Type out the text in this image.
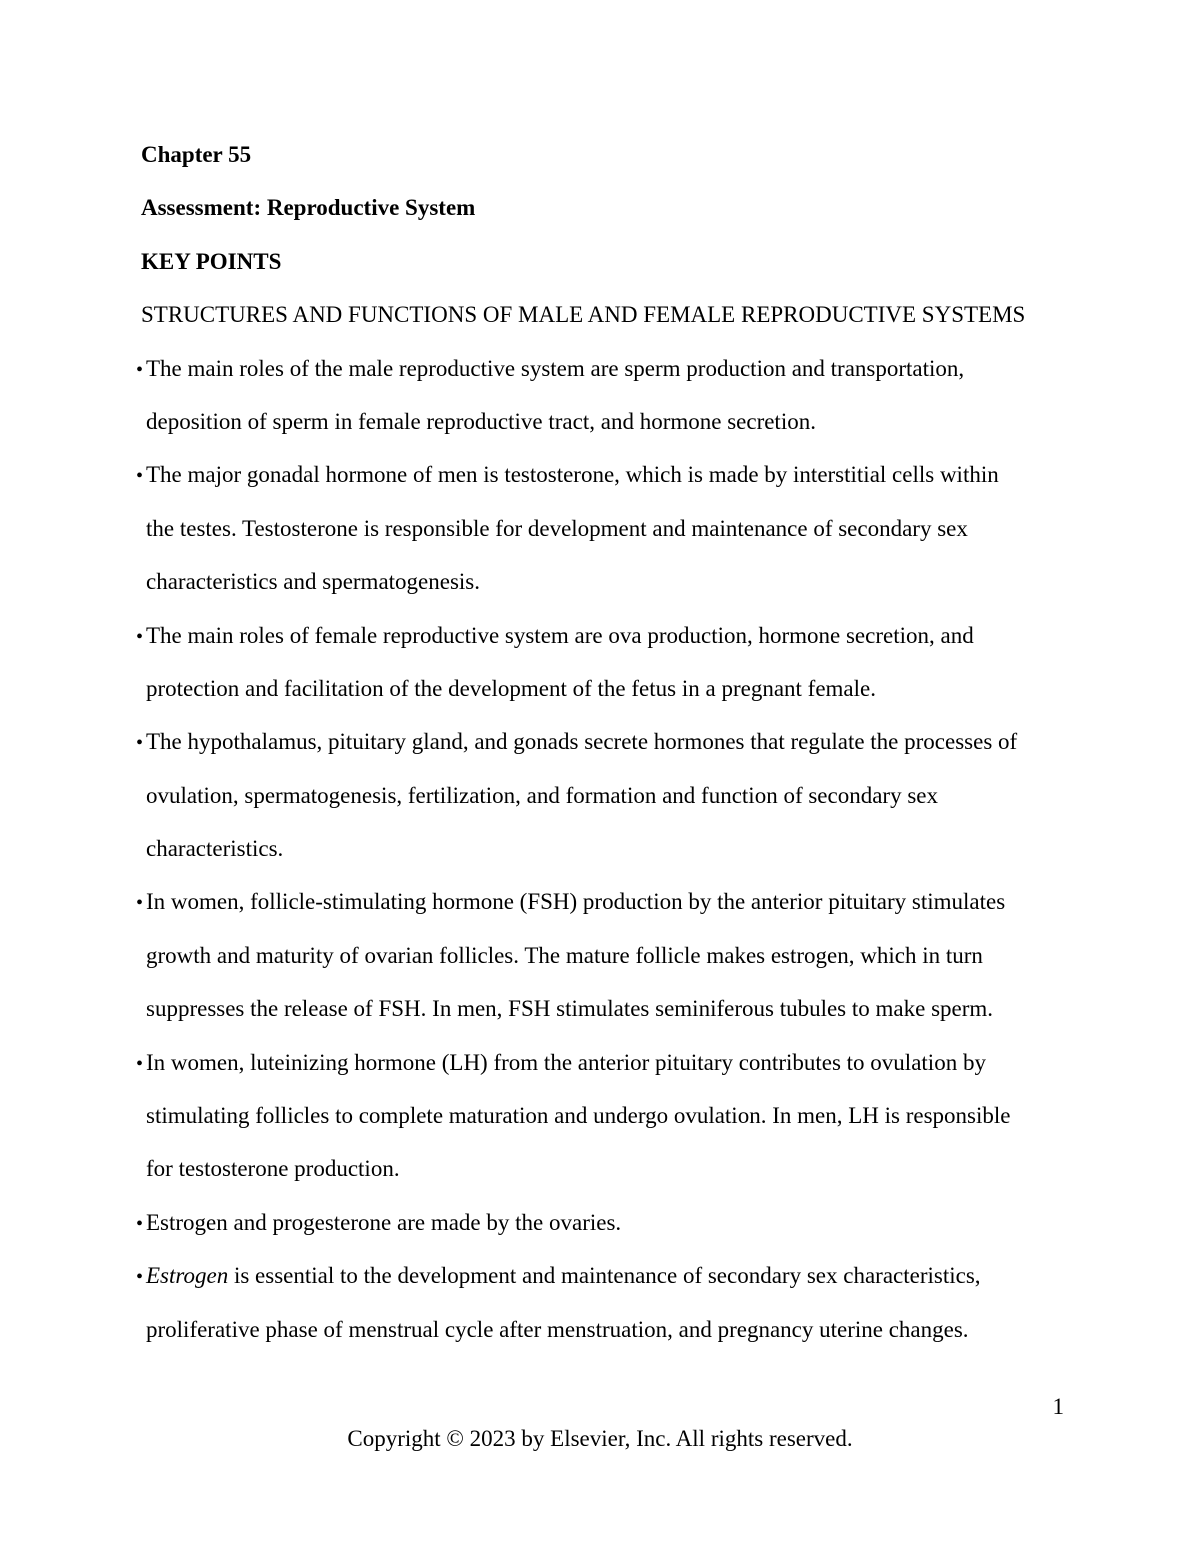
Chapter 55
Assessment: Reproductive System
KEY POINTS
STRUCTURES AND FUNCTIONS OF MALE AND FEMALE REPRODUCTIVE SYSTEMS
• The main roles of the male reproductive system are sperm production and transportation,
deposition of sperm in female reproductive tract, and hormone secretion.
• The major gonadal hormone of men is testosterone, which is made by interstitial cells within
the testes. Testosterone is responsible for development and maintenance of secondary sex
characteristics and spermatogenesis.
• The main roles of female reproductive system are ova production, hormone secretion, and
protection and facilitation of the development of the fetus in a pregnant female.
• The hypothalamus, pituitary gland, and gonads secrete hormones that regulate the processes of
ovulation, spermatogenesis, fertilization, and formation and function of secondary sex
characteristics.
• In women, follicle-stimulating hormone (FSH) production by the anterior pituitary stimulates
growth and maturity of ovarian follicles. The mature follicle makes estrogen, which in turn
suppresses the release of FSH. In men, FSH stimulates seminiferous tubules to make sperm.
• In women, luteinizing hormone (LH) from the anterior pituitary contributes to ovulation by
stimulating follicles to complete maturation and undergo ovulation. In men, LH is responsible
for testosterone production.
• Estrogen and progesterone are made by the ovaries.
• Estrogen is essential to the development and maintenance of secondary sex characteristics,
proliferative phase of menstrual cycle after menstruation, and pregnancy uterine changes.
1
Copyright © 2023 by Elsevier, Inc. All rights reserved.
